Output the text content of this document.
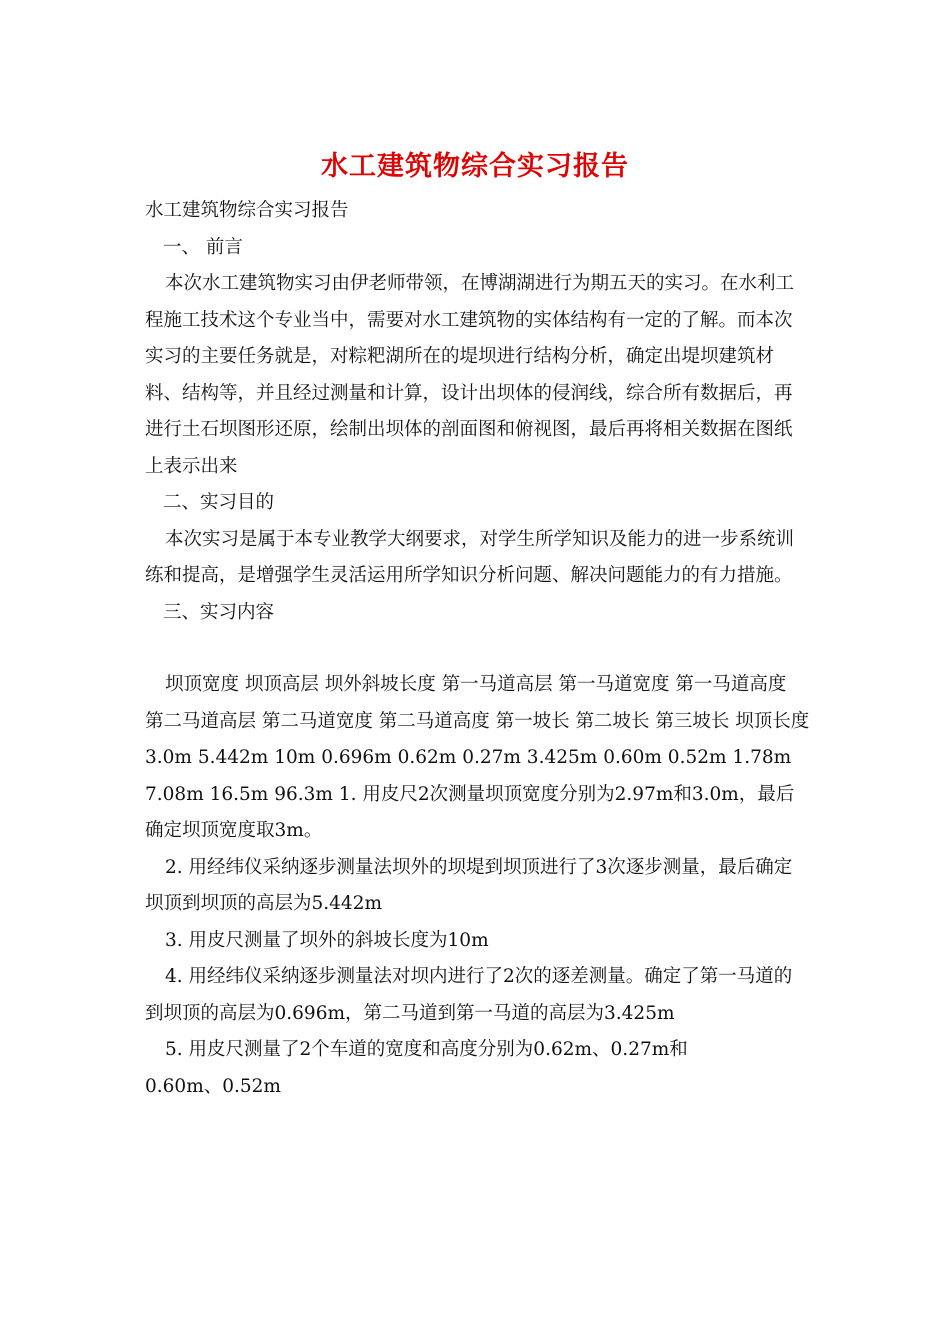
水工建筑物综合实习报告

水工建筑物综合实习报告

一、 前言

本次水工建筑物实习由伊老师带领，在博湖湖进行为期五天的实习。在水利工程施工技术这个专业当中，需要对水工建筑物的实体结构有一定的了解。而本次实习的主要任务就是，对粽粑湖所在的堤坝进行结构分析，确定出堤坝建筑材料、结构等，并且经过测量和计算，设计出坝体的侵润线，综合所有数据后，再进行土石坝图形还原，绘制出坝体的剖面图和俯视图，最后再将相关数据在图纸上表示出来

二、实习目的

本次实习是属于本专业教学大纲要求，对学生所学知识及能力的进一步系统训练和提高，是增强学生灵活运用所学知识分析问题、解决问题能力的有力措施。

三、实习内容

坝顶宽度 坝顶高层 坝外斜坡长度 第一马道高层 第一马道宽度 第一马道高度 第二马道高层 第二马道宽度 第二马道高度 第一坡长 第二坡长 第三坡长 坝顶长度 3.0m 5.442m 10m 0.696m 0.62m 0.27m 3.425m 0.60m 0.52m 1.78m 7.08m 16.5m 96.3m 1. 用皮尺2次测量坝顶宽度分别为2.97m和3.0m，最后确定坝顶宽度取3m。

2. 用经纬仪采纳逐步测量法坝外的坝堤到坝顶进行了3次逐步测量，最后确定坝顶到坝顶的高层为5.442m

3. 用皮尺测量了坝外的斜坡长度为10m

4. 用经纬仪采纳逐步测量法对坝内进行了2次的逐差测量。确定了第一马道的到坝顶的高层为0.696m，第二马道到第一马道的高层为3.425m

5. 用皮尺测量了2个车道的宽度和高度分别为0.62m、0.27m和

0.60m、0.52m
